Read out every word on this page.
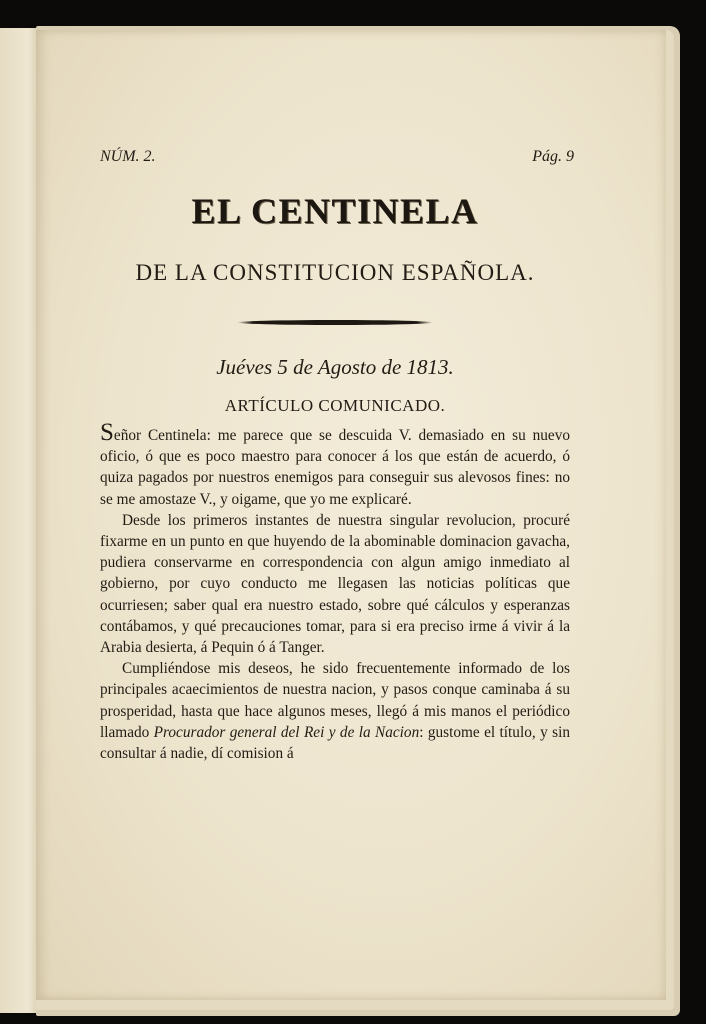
NÚM. 2.	Pág. 9
EL CENTINELA
DE LA CONSTITUCION ESPAÑOLA.
Juéves 5 de Agosto de 1813.
ARTÍCULO COMUNICADO.

Señor Centinela: me parece que se descuida V. demasiado en su nuevo oficio, ó que es poco maestro para conocer á los que están de acuerdo, ó quiza pagados por nuestros enemigos para conseguir sus alevosos fines: no se me amostaze V., y oigame, que yo me explicaré.

Desde los primeros instantes de nuestra singular revolucion, procuré fixarme en un punto en que huyendo de la abominable dominacion gavacha, pudiera conservarme en correspondencia con algun amigo inmediato al gobierno, por cuyo conducto me llegasen las noticias políticas que ocurriesen; saber qual era nuestro estado, sobre qué cálculos y esperanzas contábamos, y qué precauciones tomar, para si era preciso irme á vivir á la Arabia desierta, á Pequin ó á Tanger.

Cumpliéndose mis deseos, he sido frecuentemente informado de los principales acaecimientos de nuestra nacion, y pasos conque caminaba á su prosperidad, hasta que hace algunos meses, llegó á mis manos el periódico llamado Procurador general del Rei y de la Nacion: gustome el título, y sin consultar á nadie, dí comision á
